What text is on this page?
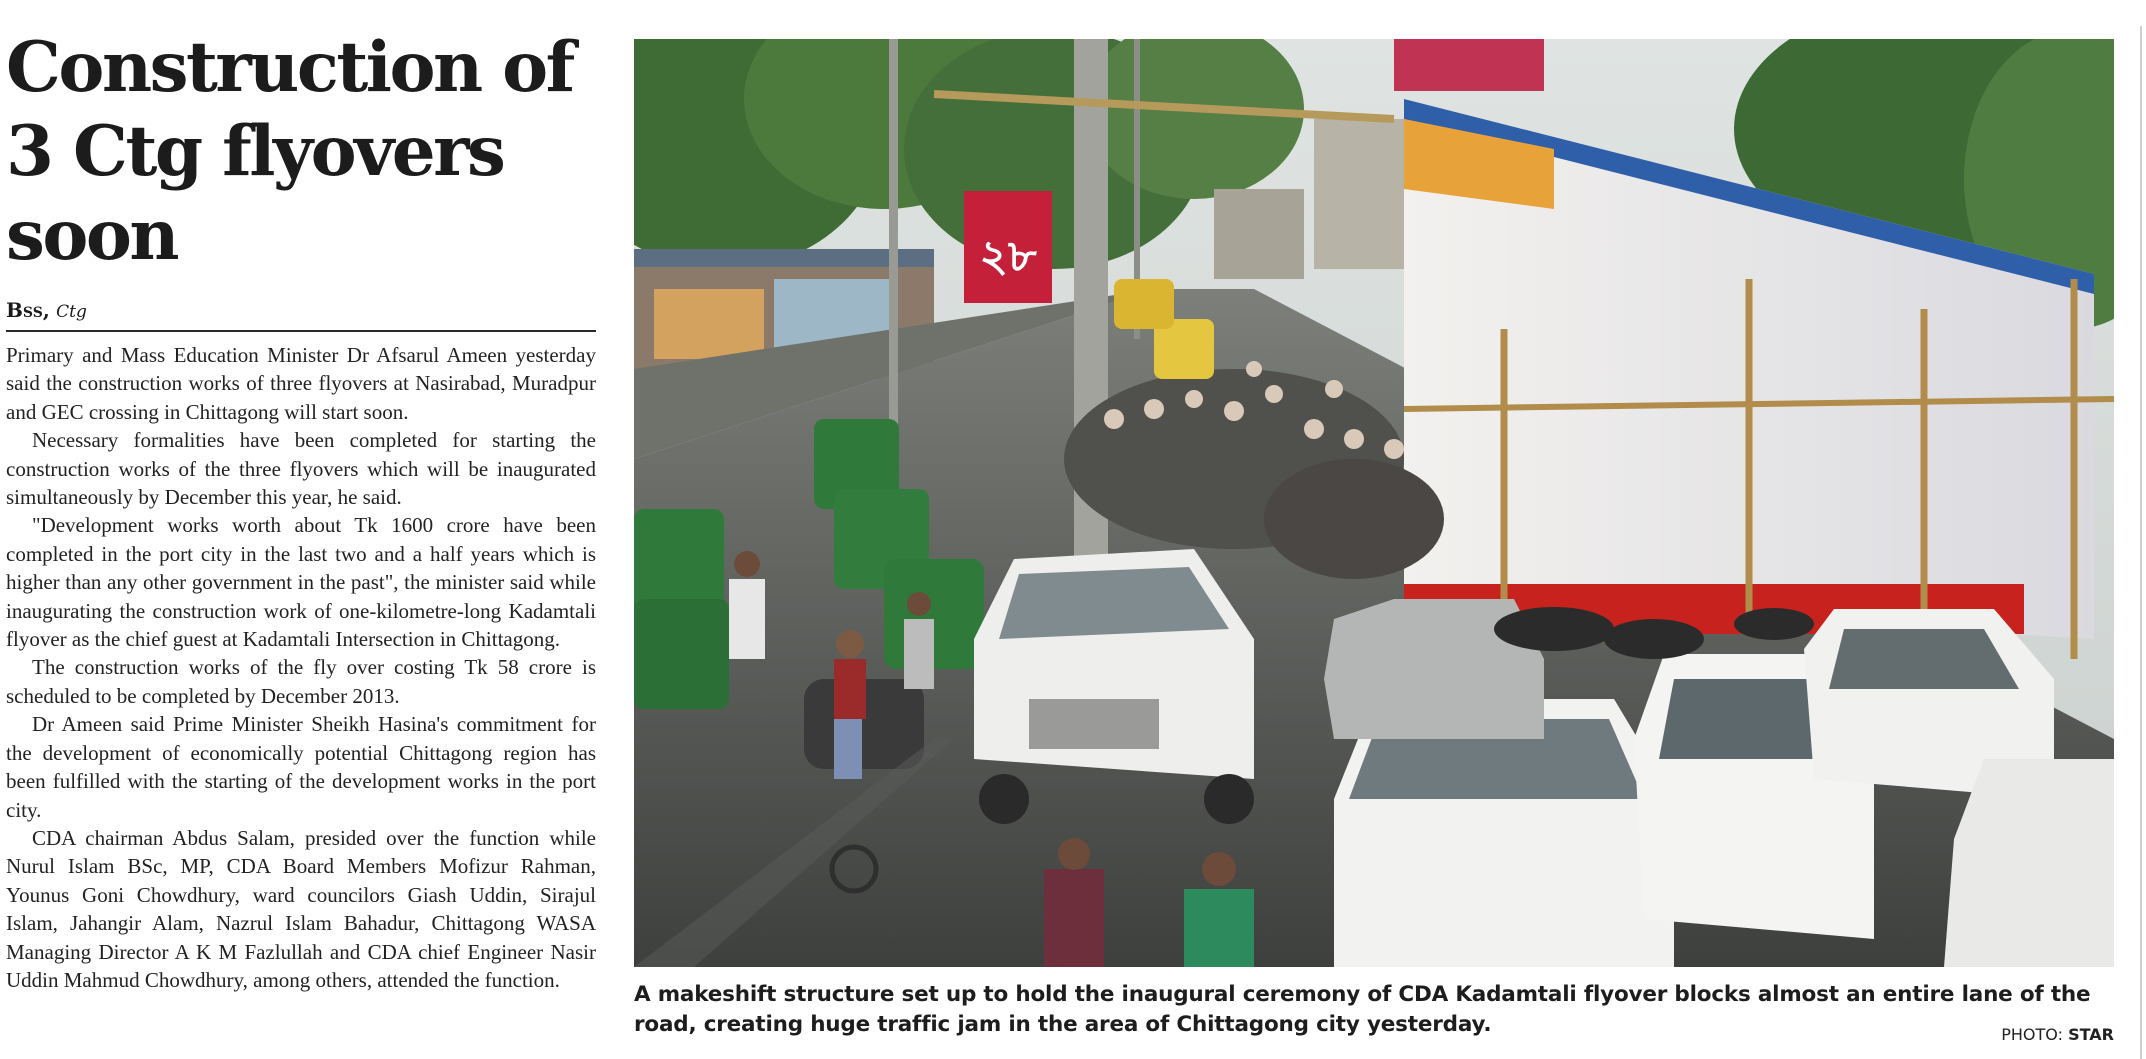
Construction of 3 Ctg flyovers soon
Bss, Ctg

Primary and Mass Education Minister Dr Afsarul Ameen yesterday said the construction works of three flyovers at Nasirabad, Muradpur and GEC crossing in Chittagong will start soon.

Necessary formalities have been completed for starting the construction works of the three flyovers which will be inaugurated simultaneously by December this year, he said.

"Development works worth about Tk 1600 crore have been completed in the port city in the last two and a half years which is higher than any other government in the past", the minister said while inaugurating the construction work of one-kilometre-long Kadamtali flyover as the chief guest at Kadamtali Intersection in Chittagong.

The construction works of the fly over costing Tk 58 crore is scheduled to be completed by December 2013.

Dr Ameen said Prime Minister Sheikh Hasina's commitment for the development of economically potential Chittagong region has been fulfilled with the starting of the development works in the port city.

CDA chairman Abdus Salam, presided over the function while Nurul Islam BSc, MP, CDA Board Members Mofizur Rahman, Younus Goni Chowdhury, ward councilors Giash Uddin, Sirajul Islam, Jahangir Alam, Nazrul Islam Bahadur, Chittagong WASA Managing Director A K M Fazlullah and CDA chief Engineer Nasir Uddin Mahmud Chowdhury, among others, attended the function.

২৮
A makeshift structure set up to hold the inaugural ceremony of CDA Kadamtali flyover blocks almost an entire lane of the road, creating huge traffic jam in the area of Chittagong city yesterday.	PHOTO: STAR
